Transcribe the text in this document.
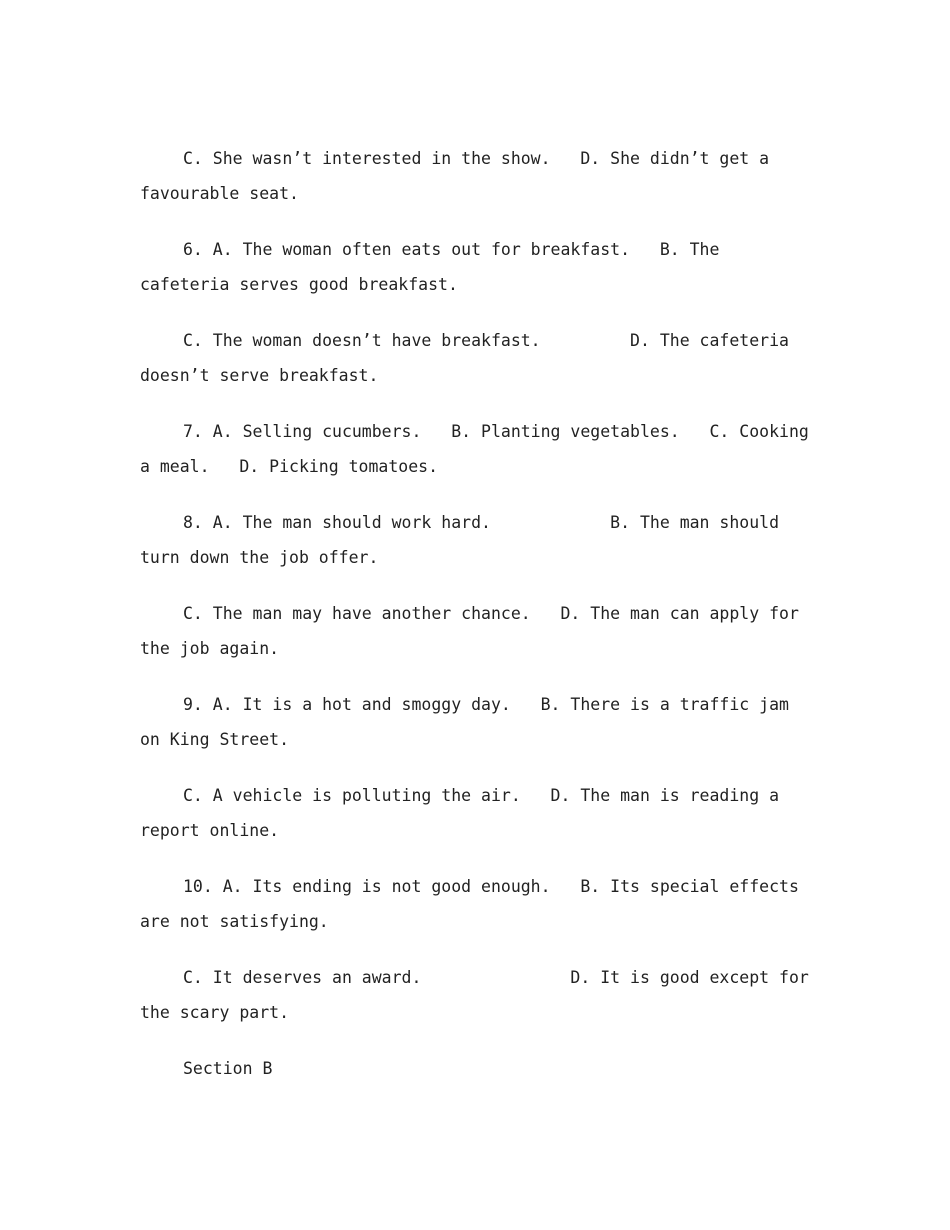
C. She wasn’t interested in the show.   D. She didn’t get a favourable seat.

6. A. The woman often eats out for breakfast.   B. The cafeteria serves good breakfast.

C. The woman doesn’t have breakfast.         D. The cafeteria doesn’t serve breakfast.

7. A. Selling cucumbers.   B. Planting vegetables.   C. Cooking a meal.   D. Picking tomatoes.

8. A. The man should work hard.            B. The man should turn down the job offer.

C. The man may have another chance.   D. The man can apply for the job again.

9. A. It is a hot and smoggy day.   B. There is a traffic jam on King Street.

C. A vehicle is polluting the air.   D. The man is reading a report online.

10. A. Its ending is not good enough.   B. Its special effects are not satisfying.

C. It deserves an award.               D. It is good except for the scary part.

Section B
